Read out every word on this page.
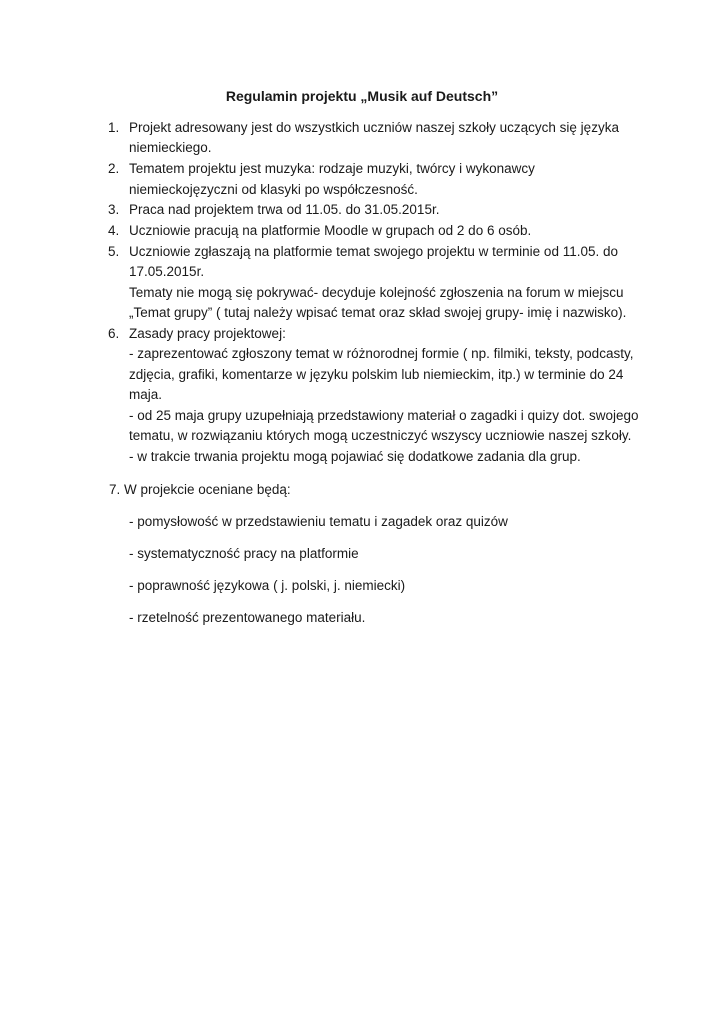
Regulamin projektu „Musik auf Deutsch”
1. Projekt adresowany jest do wszystkich uczniów naszej szkoły uczących się języka
niemieckiego.
2. Tematem projektu jest muzyka: rodzaje muzyki, twórcy i wykonawcy
niemieckojęzyczni od klasyki po współczesność.
3. Praca nad projektem trwa od 11.05. do 31.05.2015r.
4. Uczniowie pracują na platformie Moodle w grupach od 2 do 6 osób.
5. Uczniowie zgłaszają na platformie temat swojego projektu w terminie od 11.05. do
17.05.2015r.
Tematy nie mogą się pokrywać- decyduje kolejność zgłoszenia na forum w miejscu
„Temat grupy” ( tutaj należy wpisać temat oraz skład swojej grupy- imię i nazwisko).
6. Zasady pracy projektowej:
- zaprezentować zgłoszony temat w różnorodnej formie ( np. filmiki, teksty, podcasty,
zdjęcia, grafiki, komentarze w języku polskim lub niemieckim, itp.) w terminie do 24
maja.
- od 25 maja grupy uzupełniają przedstawiony materiał o zagadki i quizy dot. swojego
tematu, w rozwiązaniu których mogą uczestniczyć wszyscy uczniowie naszej szkoły.
- w trakcie trwania projektu mogą pojawiać się dodatkowe zadania dla grup.
7. W projekcie oceniane będą:
- pomysłowość w przedstawieniu tematu i zagadek oraz quizów
- systematyczność pracy na platformie
- poprawność językowa ( j. polski, j. niemiecki)
- rzetelność prezentowanego materiału.
